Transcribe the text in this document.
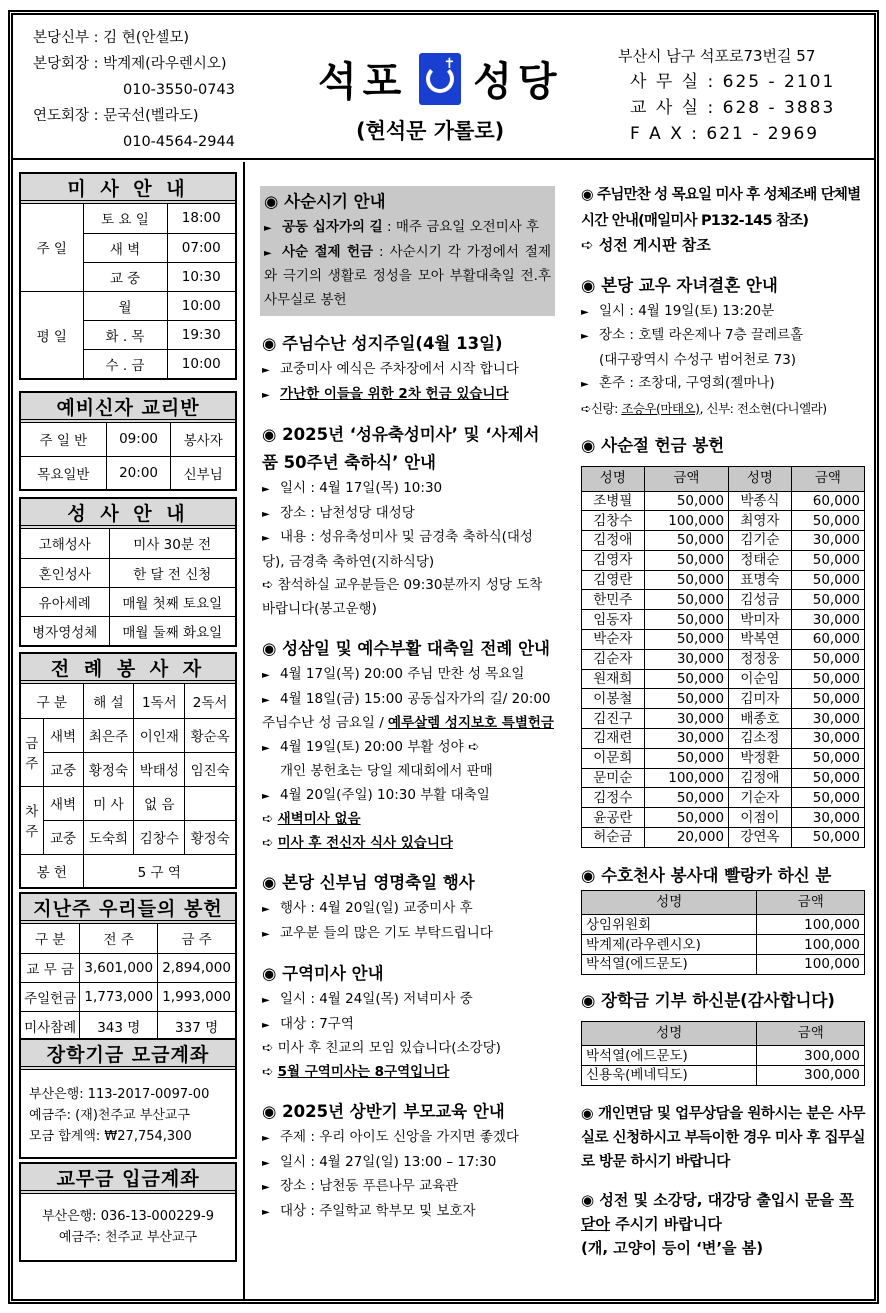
본당신부 : 김 현(안셀모)
본당회장 : 박계제(라우렌시오)
010-3550-0743
연도회장 : 문국선(벨라도)
010-4564-2944
석포	✝ 성당
(현석문 가롤로)
부산시 남구 석포로73번길 57
사 무 실 : 625 - 2101
교 사 실 : 628 - 3883
F A X : 621 - 2969
미 사 안 내
주 일	토 요 일	18:00
	새 벽	07:00
	교 중	10:30
평 일	월	10:00
	화 . 목	19:30
	수 . 금	10:00
예비신자 교리반
주 일 반	09:00	봉사자
목요일반	20:00	신부님
성 사 안 내
고해성사	미사 30분 전
혼인성사	한 달 전 신청
유아세례	매월 첫째 토요일
병자영성체	매월 둘째 화요일
전 례 봉 사 자
구 분		해 설	1독서	2독서
금주	새벽	최은주	이인재	황순옥
	교중	황정숙	박태성	임진숙
차주	새벽	미 사	없 음	
	교중	도숙희	김창수	황정숙
봉 헌		5 구 역		
지난주 우리들의 봉헌
구 분	전 주	금 주
교 무 금	3,601,000	2,894,000
주일헌금	1,773,000	1,993,000
미사참례	343 명	337 명
장학기금 모금계좌
부산은행: 113-2017-0097-00
예금주: (재)천주교 부산교구
모금 합계액: ₩27,754,300
교무금 입금계좌
부산은행: 036-13-000229-9
예금주: 천주교 부산교구
◉ 사순시기 안내
► 공동 십자가의 길 : 매주 금요일 오전미사 후
► 사순 절제 헌금 : 사순시기 각 가정에서 절제와 극기의 생활로 정성을 모아 부활대축일 전.후 사무실로 봉헌
◉ 주님수난 성지주일(4월 13일)
► 교중미사 예식은 주차장에서 시작 합니다
► 가난한 이들을 위한 2차 헌금 있습니다
◉ 2025년 ‘성유축성미사’ 및 ‘사제서품 50주년 축하식’ 안내
► 일시 : 4월 17일(목) 10:30
► 장소 : 남천성당 대성당
► 내용 : 성유축성미사 및 금경축 축하식(대성당), 금경축 축하연(지하식당)
➪ 참석하실 교우분들은 09:30분까지 성당 도착바랍니다(봉고운행)
◉ 성삼일 및 예수부활 대축일 전례 안내
► 4월 17일(목) 20:00 주님 만찬 성 목요일
► 4월 18일(금) 15:00 공동십자가의 길/ 20:00 주님수난 성 금요일 / 예루살렘 성지보호 특별헌금
► 4월 19일(토) 20:00 부활 성야 ➪
개인 봉헌초는 당일 제대회에서 판매
► 4월 20일(주일) 10:30 부활 대축일
➪ 새벽미사 없음
➪ 미사 후 전신자 식사 있습니다
◉ 본당 신부님 영명축일 행사
► 행사 : 4월 20일(일) 교중미사 후
► 교우분 들의 많은 기도 부탁드립니다
◉ 구역미사 안내
► 일시 : 4월 24일(목) 저녁미사 중
► 대상 : 7구역
➪ 미사 후 친교의 모임 있습니다(소강당)
➪ 5월 구역미사는 8구역입니다
◉ 2025년 상반기 부모교육 안내
► 주제 : 우리 아이도 신앙을 가지면 좋겠다
► 일시 : 4월 27일(일) 13:00 – 17:30
► 장소 : 남천동 푸른나무 교육관
► 대상 : 주일학교 학부모 및 보호자
◉ 주님만찬 성 목요일 미사 후 성체조배 단체별 시간 안내(매일미사 P132-145 참조)
➪ 성전 게시판 참조
◉ 본당 교우 자녀결혼 안내
► 일시 : 4월 19일(토) 13:20분
► 장소 : 호텔 라온제나 7층 끌레르홀
(대구광역시 수성구 범어천로 73)
► 혼주 : 조창대, 구영희(젤마나)
➪신랑: 조승우(마태오), 신부: 전소현(다니엘라)
◉ 사순절 헌금 봉헌
성명	금액	성명	금액
조병필	50,000	박종식	60,000
김창수	100,000	최영자	50,000
김정애	50,000	김기순	30,000
김영자	50,000	정태순	50,000
김영란	50,000	표명숙	50,000
한민주	50,000	김성금	50,000
임동자	50,000	박미자	30,000
박순자	50,000	박복연	60,000
김순자	30,000	정정웅	50,000
원재희	50,000	이순임	50,000
이봉철	50,000	김미자	50,000
김진구	30,000	배종호	30,000
김재련	30,000	김소정	30,000
이문희	50,000	박정환	50,000
문미순	100,000	김정애	50,000
김정수	50,000	기순자	50,000
윤공란	50,000	이점이	30,000
허순금	20,000	강연옥	50,000
◉ 수호천사 봉사대 빨랑카 하신 분
성명	금액
상임위원회	100,000
박계제(라우렌시오)	100,000
박석열(에드문도)	100,000
◉ 장학금 기부 하신분(감사합니다)
성명	금액
박석열(에드문도)	300,000
신용욱(베네딕도)	300,000
◉ 개인면담 및 업무상담을 원하시는 분은 사무실로 신청하시고 부득이한 경우 미사 후 집무실로 방문 하시기 바랍니다
◉ 성전 및 소강당, 대강당 출입시 문을 꼭 닫아 주시기 바랍니다
(개, 고양이 등이 ‘변’을 봄)
